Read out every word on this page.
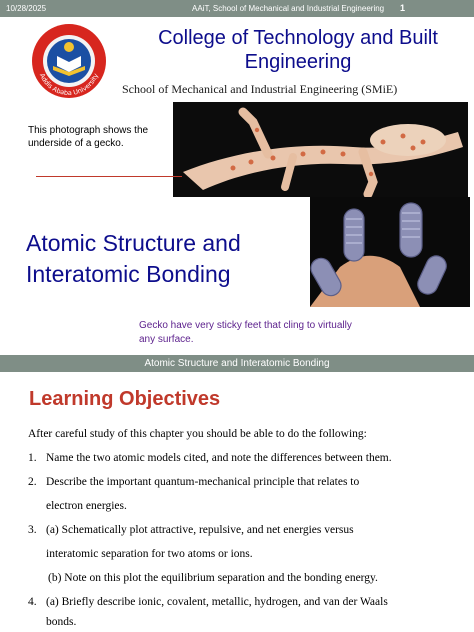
10/28/2025	AAiT, School of Mechanical and Industrial Engineering 1
Addis Ababa University
College of Technology and Built Engineering
School of Mechanical and Industrial Engineering (SMiE)
This photograph shows the underside of a gecko.
Atomic Structure and Interatomic Bonding
Gecko have very sticky feet that cling to virtually any surface.
Atomic Structure and Interatomic Bonding
Learning Objectives

After careful study of this chapter you should be able to do the following:

1. Name the two atomic models cited, and note the differences between them.

2. Describe the important quantum-mechanical principle that relates to

electron energies.

3. (a) Schematically plot attractive, repulsive, and net energies versus

interatomic separation for two atoms or ions.

(b) Note on this plot the equilibrium separation and the bonding energy.

4. (a) Briefly describe ionic, covalent, metallic, hydrogen, and van der Waals

bonds.
